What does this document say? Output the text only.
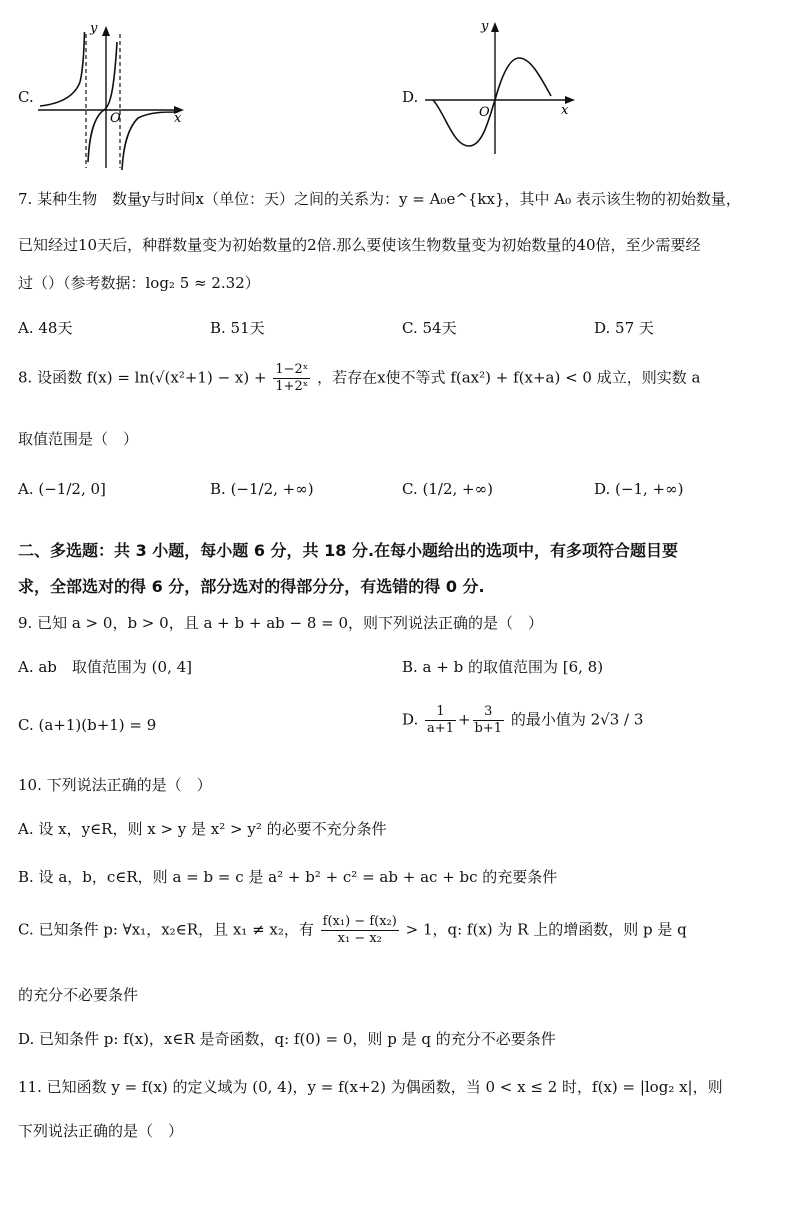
C.
y
O	x
D.
y
O	x
7. 某种生物　数量y与时间x（单位：天）之间的关系为：y = A₀e^{kx}，其中 A₀ 表示该生物的初始数量，
已知经过10天后，种群数量变为初始数量的2倍.那么要使该生物数量变为初始数量的40倍，至少需要经
过（）（参考数据：log₂ 5 ≈ 2.32）
A. 48天	B. 51天	C. 54天	D. 57 天
8. 设函数 $f(x) = \ln(√(x^2+1) - x) + \frac{\text{1−2ˣ}}{\text{1+2ˣ}}$ ，若存在x使不等式 f(ax²) + f(x+a) < 0 成立，则实数 a
取值范围是（　）
A. (−1/2, 0]	B. (−1/2, +∞)	C. (1/2, +∞)	D. (−1, +∞)
二、多选题：共 3 小题，每小题 6 分，共 18 分.在每小题给出的选项中，有多项符合题目要
求，全部选对的得 6 分，部分选对的得部分分，有选错的得 0 分.
9. 已知 a > 0，b > 0，且 a + b + ab − 8 = 0，则下列说法正确的是（　）
A. ab　取值范围为 (0, 4]	B. a + b 的取值范围为 [6, 8)
C. (a+1)(b+1) = 9	D. $\frac{1}{a+1} + \frac{3}{b+1}$ 的最小值为 2√3 / 3
10. 下列说法正确的是（　）
A. 设 x，y∈R，则 x > y 是 x² > y² 的必要不充分条件
B. 设 a，b，c∈R，则 a = b = c 是 a² + b² + c² = ab + ac + bc 的充要条件
C. 已知条件 p: ∀x₁，x₂∈R，且 x₁ ≠ x₂，有 $\frac{\text{f(x₁) − f(x₂)}}{\text{x₁ − x₂}} > 1$，q: f(x) 为 R 上的增函数，则 p 是 q
的充分不必要条件
D. 已知条件 p: f(x)，x∈R 是奇函数，q: f(0) = 0，则 p 是 q 的充分不必要条件
11. 已知函数 y = f(x) 的定义域为 (0, 4)，y = f(x+2) 为偶函数，当 0 < x ≤ 2 时，f(x) = |log₂ x|，则
下列说法正确的是（　）
